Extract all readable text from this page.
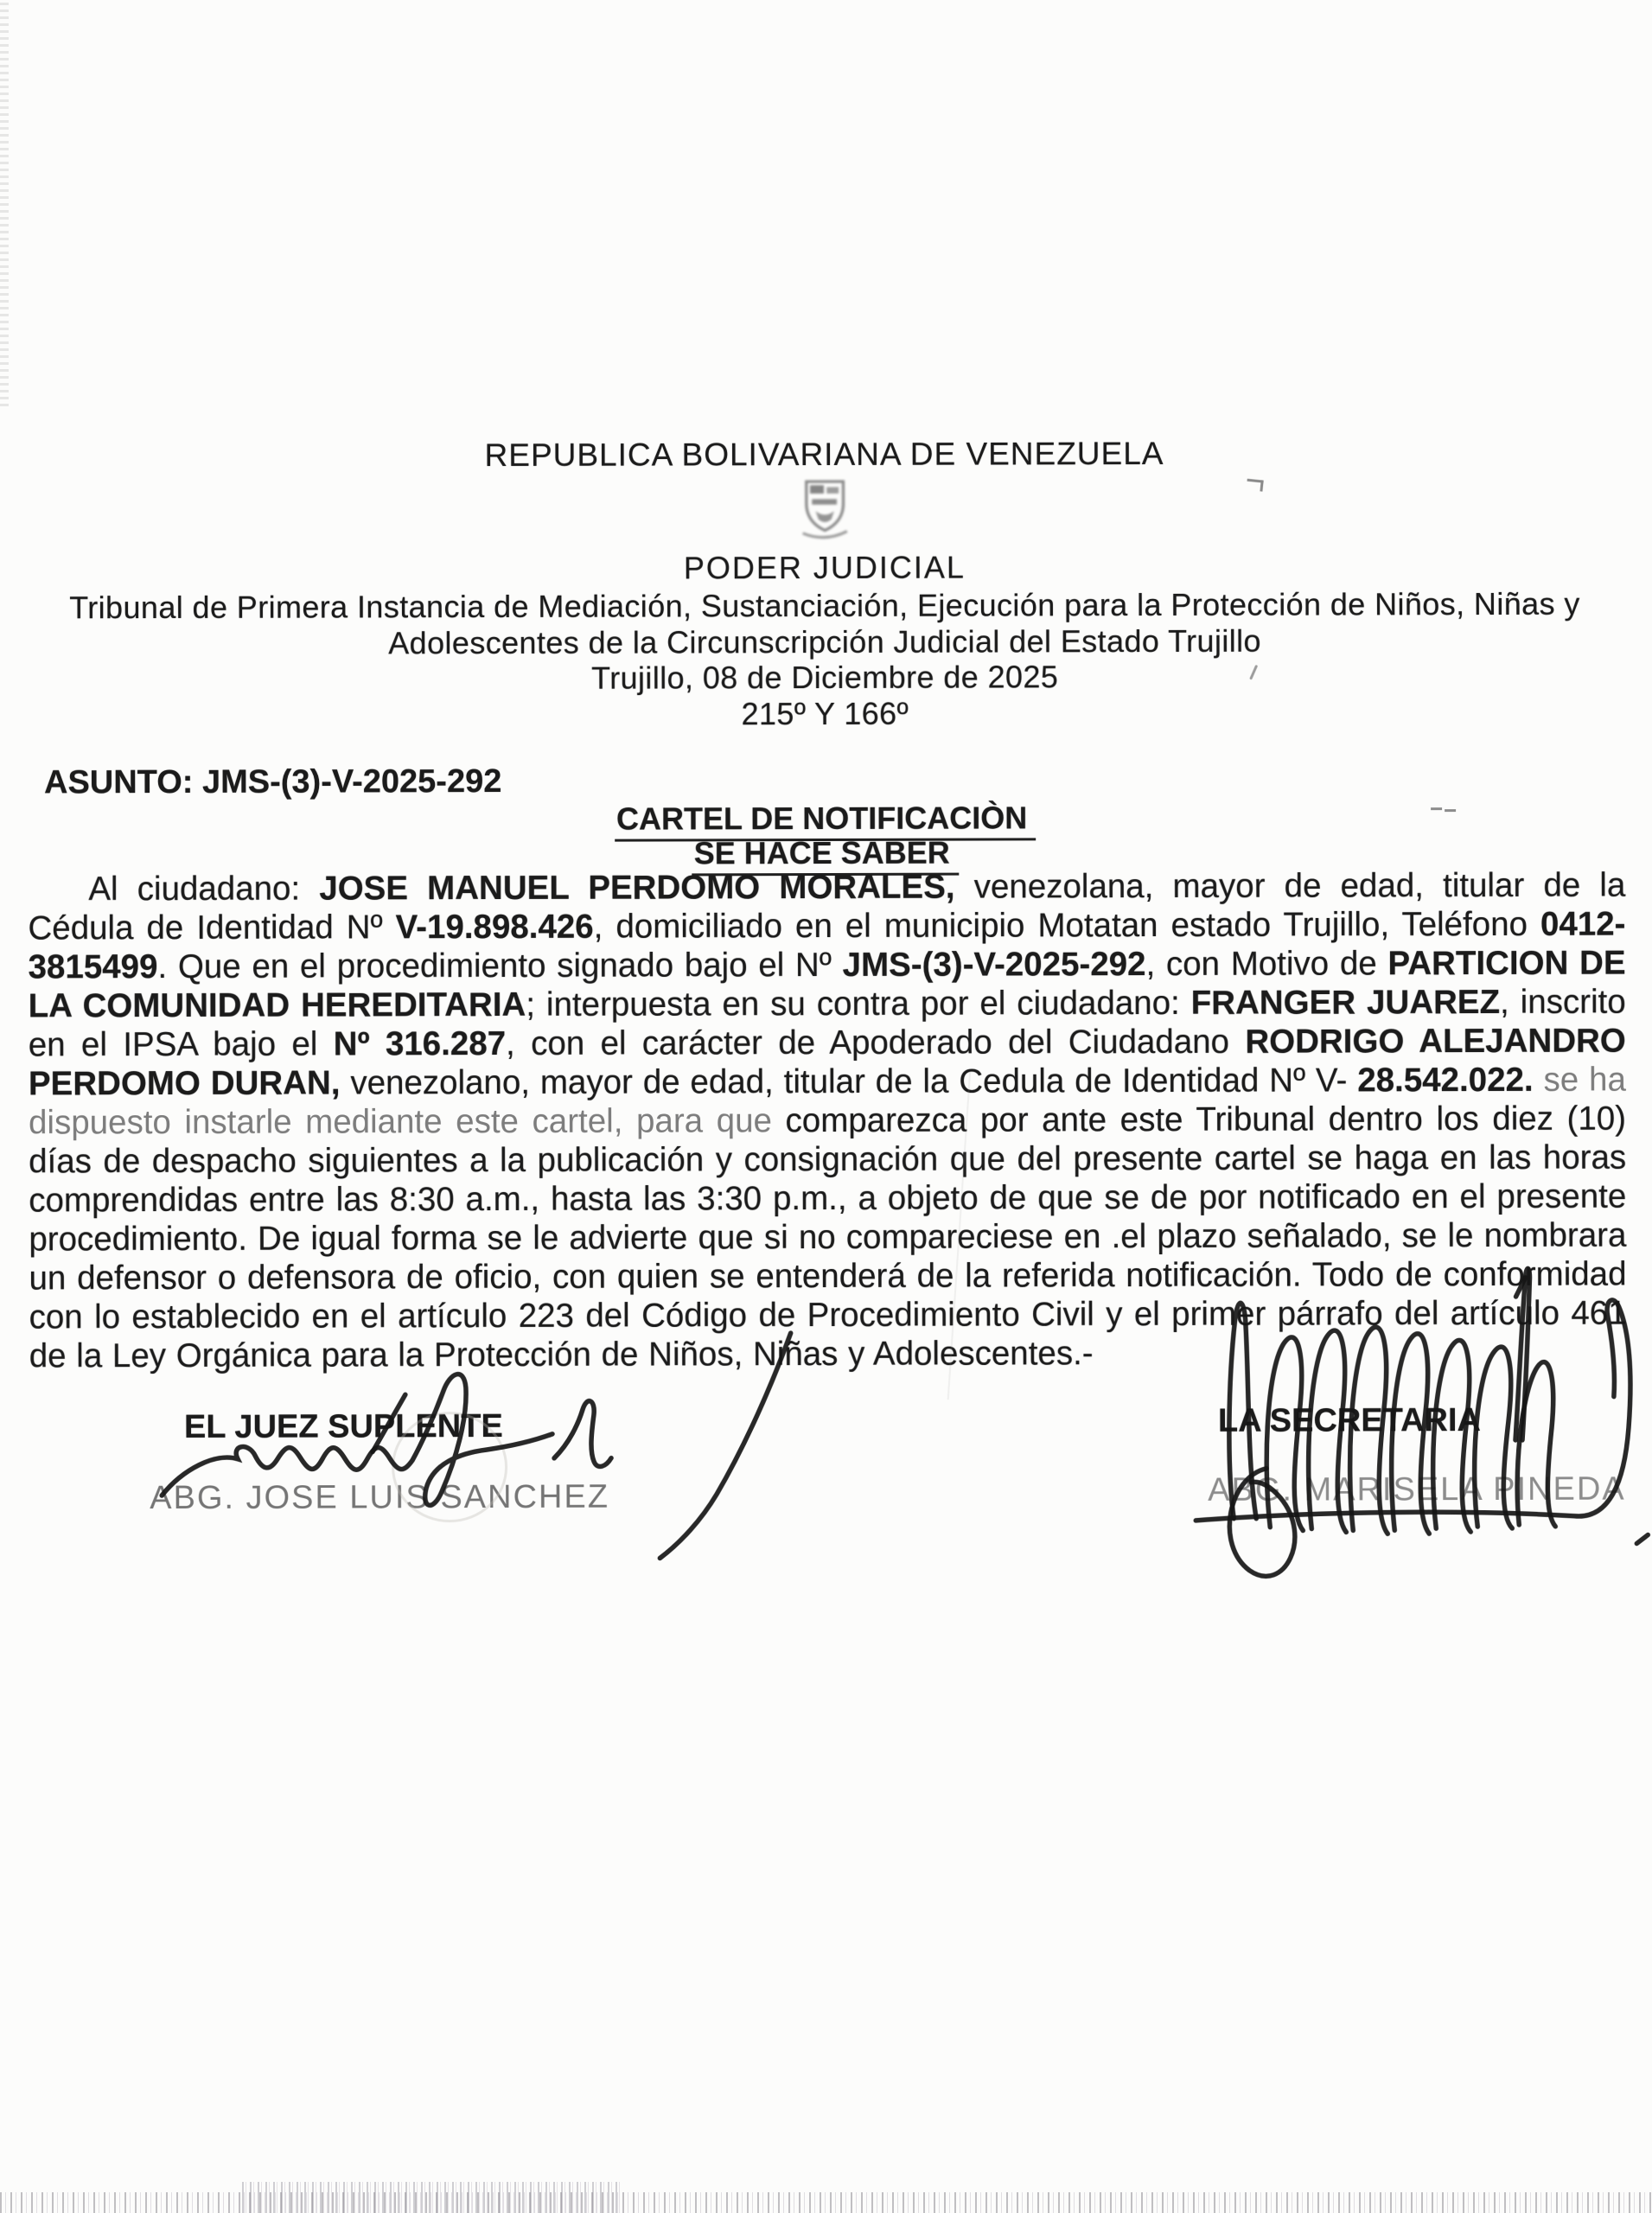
REPUBLICA BOLIVARIANA DE VENEZUELA
PODER JUDICIAL
Tribunal de Primera Instancia de Mediación, Sustanciación, Ejecución para la Protección de Niños, Niñas y
Adolescentes de la Circunscripción Judicial del Estado Trujillo
Trujillo, 08 de Diciembre de 2025
215º Y 166º
ASUNTO: JMS-(3)-V-2025-292
CARTEL DE NOTIFICACIÒN
SE HACE SABER
Al ciudadano: JOSE MANUEL PERDOMO MORALES, venezolana, mayor de edad, titular de la Cédula de Identidad Nº V-19.898.426, domiciliado en el municipio Motatan estado Trujillo, Teléfono 0412-3815499. Que en el procedimiento signado bajo el Nº JMS-(3)-V-2025-292, con Motivo de PARTICION DE LA COMUNIDAD HEREDITARIA; interpuesta en su contra por el ciudadano: FRANGER JUAREZ, inscrito en el IPSA bajo el Nº 316.287, con el carácter de Apoderado del Ciudadano RODRIGO ALEJANDRO PERDOMO DURAN, venezolano, mayor de edad, titular de la Cedula de Identidad Nº V- 28.542.022. se ha dispuesto instarle mediante este cartel, para que comparezca por ante este Tribunal dentro los diez (10) días de despacho siguientes a la publicación y consignación que del presente cartel se haga en las horas comprendidas entre las 8:30 a.m., hasta las 3:30 p.m., a objeto de que se de por notificado en el presente procedimiento. De igual forma se le advierte que si no compareciese en .el plazo señalado, se le nombrara un defensor o defensora de oficio, con quien se entenderá de la referida notificación. Todo de conformidad con lo establecido en el artículo 223 del Código de Procedimiento Civil y el primer párrafo del artículo 461 de la Ley Orgánica para la Protección de Niños, Niñas y Adolescentes.-
EL JUEZ SUPLENTE
ABG. JOSE LUIS SANCHEZ
LA SECRETARIA
ABG. MARISELA PINEDA
